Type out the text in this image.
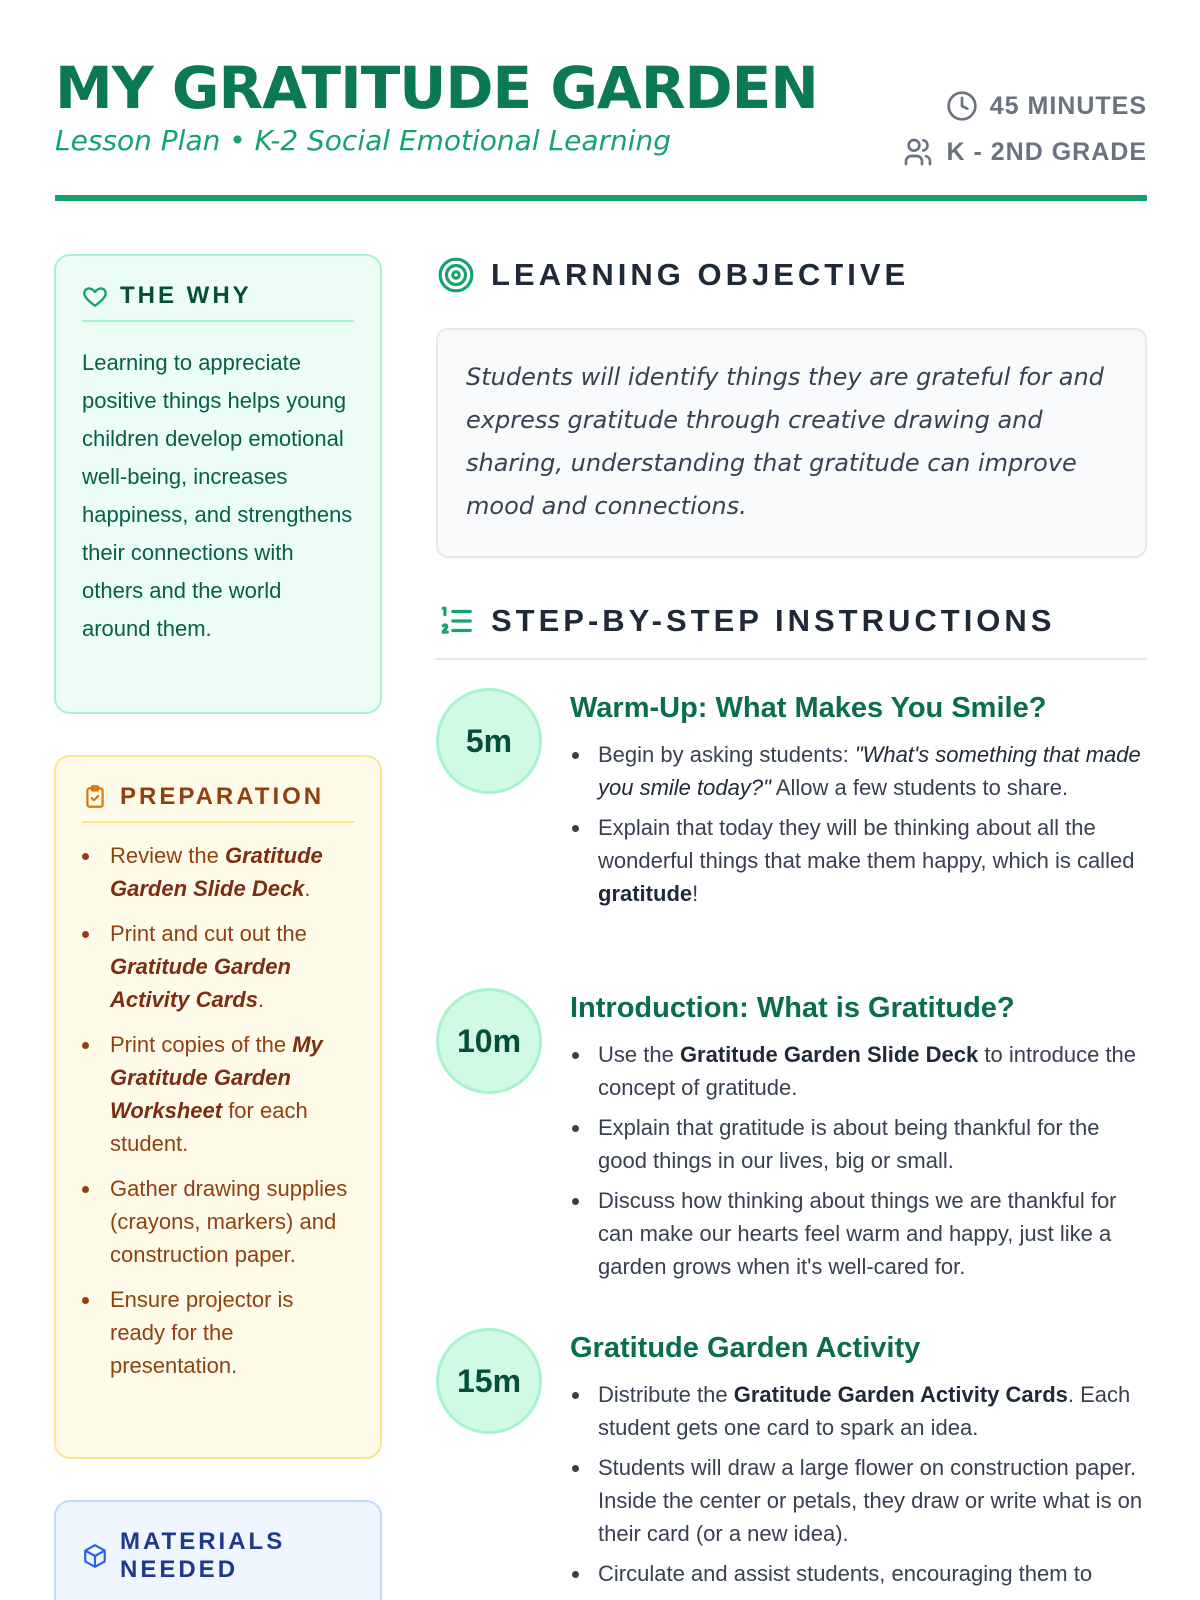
MY GRATITUDE GARDEN
Lesson Plan • K-2 Social Emotional Learning
45 MINUTES
K - 2ND GRADE
THE WHY

Learning to appreciate positive things helps young children develop emotional well-being, increases happiness, and strengthens their connections with others and the world around them.

PREPARATION
Review the Gratitude Garden Slide Deck.
Print and cut out the Gratitude Garden Activity Cards.
Print copies of the My Gratitude Garden Worksheet for each student.
Gather drawing supplies (crayons, markers) and construction paper.
Ensure projector is ready for the presentation.
MATERIALS NEEDED
LEARNING OBJECTIVE
Students will identify things they are grateful for and express gratitude through creative drawing and sharing, understanding that gratitude can improve mood and connections.
STEP-BY-STEP INSTRUCTIONS
5m
Warm-Up: What Makes You Smile?
Begin by asking students: "What's something that made you smile today?" Allow a few students to share.
Explain that today they will be thinking about all the wonderful things that make them happy, which is called gratitude!
10m
Introduction: What is Gratitude?
Use the Gratitude Garden Slide Deck to introduce the concept of gratitude.
Explain that gratitude is about being thankful for the good things in our lives, big or small.
Discuss how thinking about things we are thankful for can make our hearts feel warm and happy, just like a garden grows when it's well-cared for.
15m
Gratitude Garden Activity
Distribute the Gratitude Garden Activity Cards. Each student gets one card to spark an idea.
Students will draw a large flower on construction paper. Inside the center or petals, they draw or write what is on their card (or a new idea).
Circulate and assist students, encouraging them to
